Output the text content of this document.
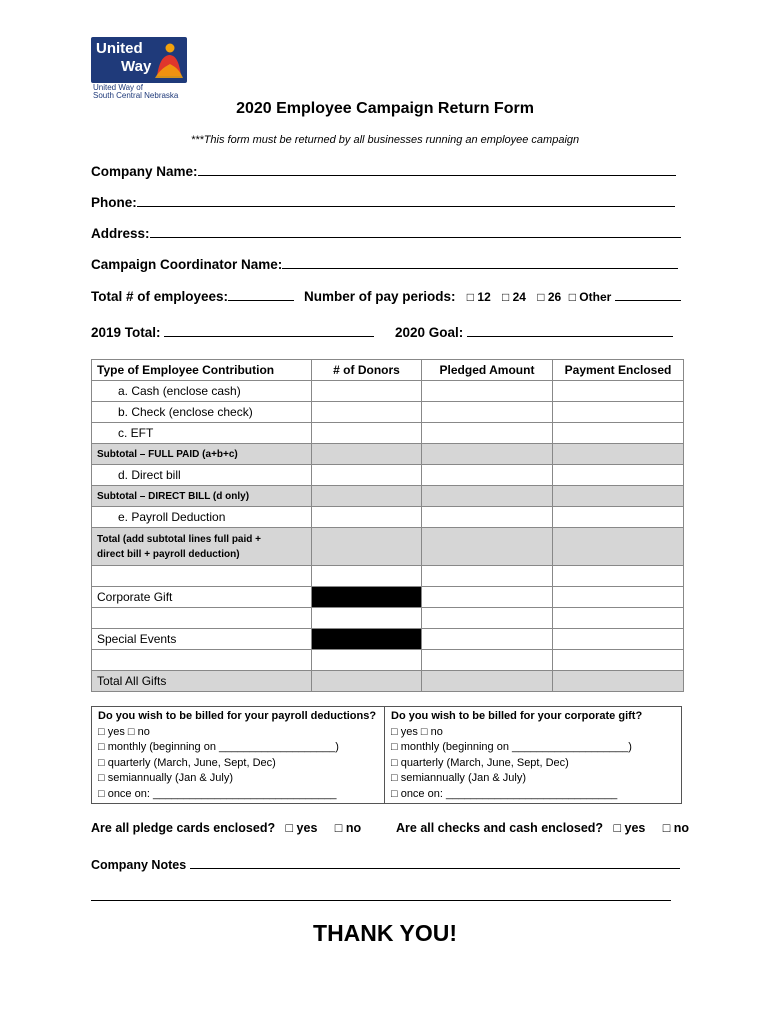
United
Way
United Way of
South Central Nebraska
2020 Employee Campaign Return Form
***This form must be returned by all businesses running an employee campaign
Company Name:
Phone:
Address:
Campaign Coordinator Name:
Total # of employees:	Number of pay periods:   □ 12 □ 24 □ 26 □ Other
2019 Total:	2020 Goal:
Type of Employee Contribution	# of Donors	Pledged Amount	Payment Enclosed
a. Cash (enclose cash)			
b. Check (enclose check)			
c. EFT			
Subtotal – FULL PAID (a+b+c)			
d. Direct bill			
Subtotal – DIRECT BILL (d only)			
e. Payroll Deduction			

Total (add subtotal lines full paid +
direct bill + payroll deduction)			

Corporate Gift			

Special Events			

Total All Gifts			
Do you wish to be billed for your payroll deductions?
□ yes □ no
□ monthly (beginning on ___________________)
□ quarterly (March, June, Sept, Dec)
□ semiannually (Jan & July)
□ once on: ______________________________
Do you wish to be billed for your corporate gift?
□ yes □ no
□ monthly (beginning on ___________________)
□ quarterly (March, June, Sept, Dec)
□ semiannually (Jan & July)
□ once on: ____________________________
Are all pledge cards enclosed? □ yes □ no	Are all checks and cash enclosed? □ yes □ no
Company Notes
THANK YOU!
